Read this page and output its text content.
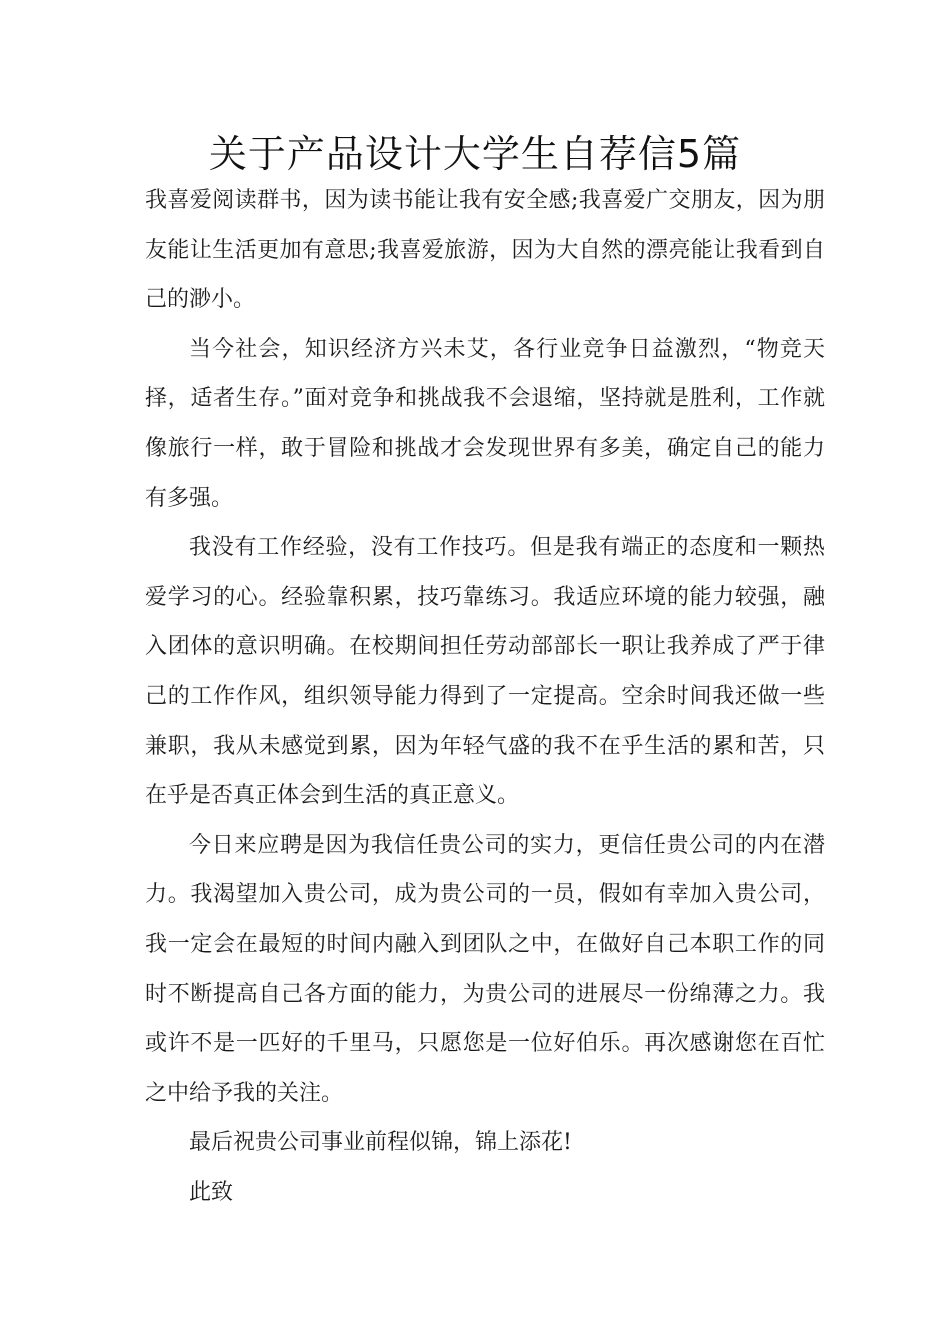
关于产品设计大学生自荐信5篇

我喜爱阅读群书，因为读书能让我有安全感;我喜爱广交朋友，因为朋友能让生活更加有意思;我喜爱旅游，因为大自然的漂亮能让我看到自己的渺小。

当今社会，知识经济方兴未艾，各行业竞争日益激烈，“物竞天择，适者生存。”面对竞争和挑战我不会退缩，坚持就是胜利，工作就像旅行一样，敢于冒险和挑战才会发现世界有多美，确定自己的能力有多强。

我没有工作经验，没有工作技巧。但是我有端正的态度和一颗热爱学习的心。经验靠积累，技巧靠练习。我适应环境的能力较强，融入团体的意识明确。在校期间担任劳动部部长一职让我养成了严于律己的工作作风，组织领导能力得到了一定提高。空余时间我还做一些兼职，我从未感觉到累，因为年轻气盛的我不在乎生活的累和苦，只在乎是否真正体会到生活的真正意义。

今日来应聘是因为我信任贵公司的实力，更信任贵公司的内在潜力。我渴望加入贵公司，成为贵公司的一员，假如有幸加入贵公司，我一定会在最短的时间内融入到团队之中，在做好自己本职工作的同时不断提高自己各方面的能力，为贵公司的进展尽一份绵薄之力。我或许不是一匹好的千里马，只愿您是一位好伯乐。再次感谢您在百忙之中给予我的关注。

最后祝贵公司事业前程似锦，锦上添花!

此致
